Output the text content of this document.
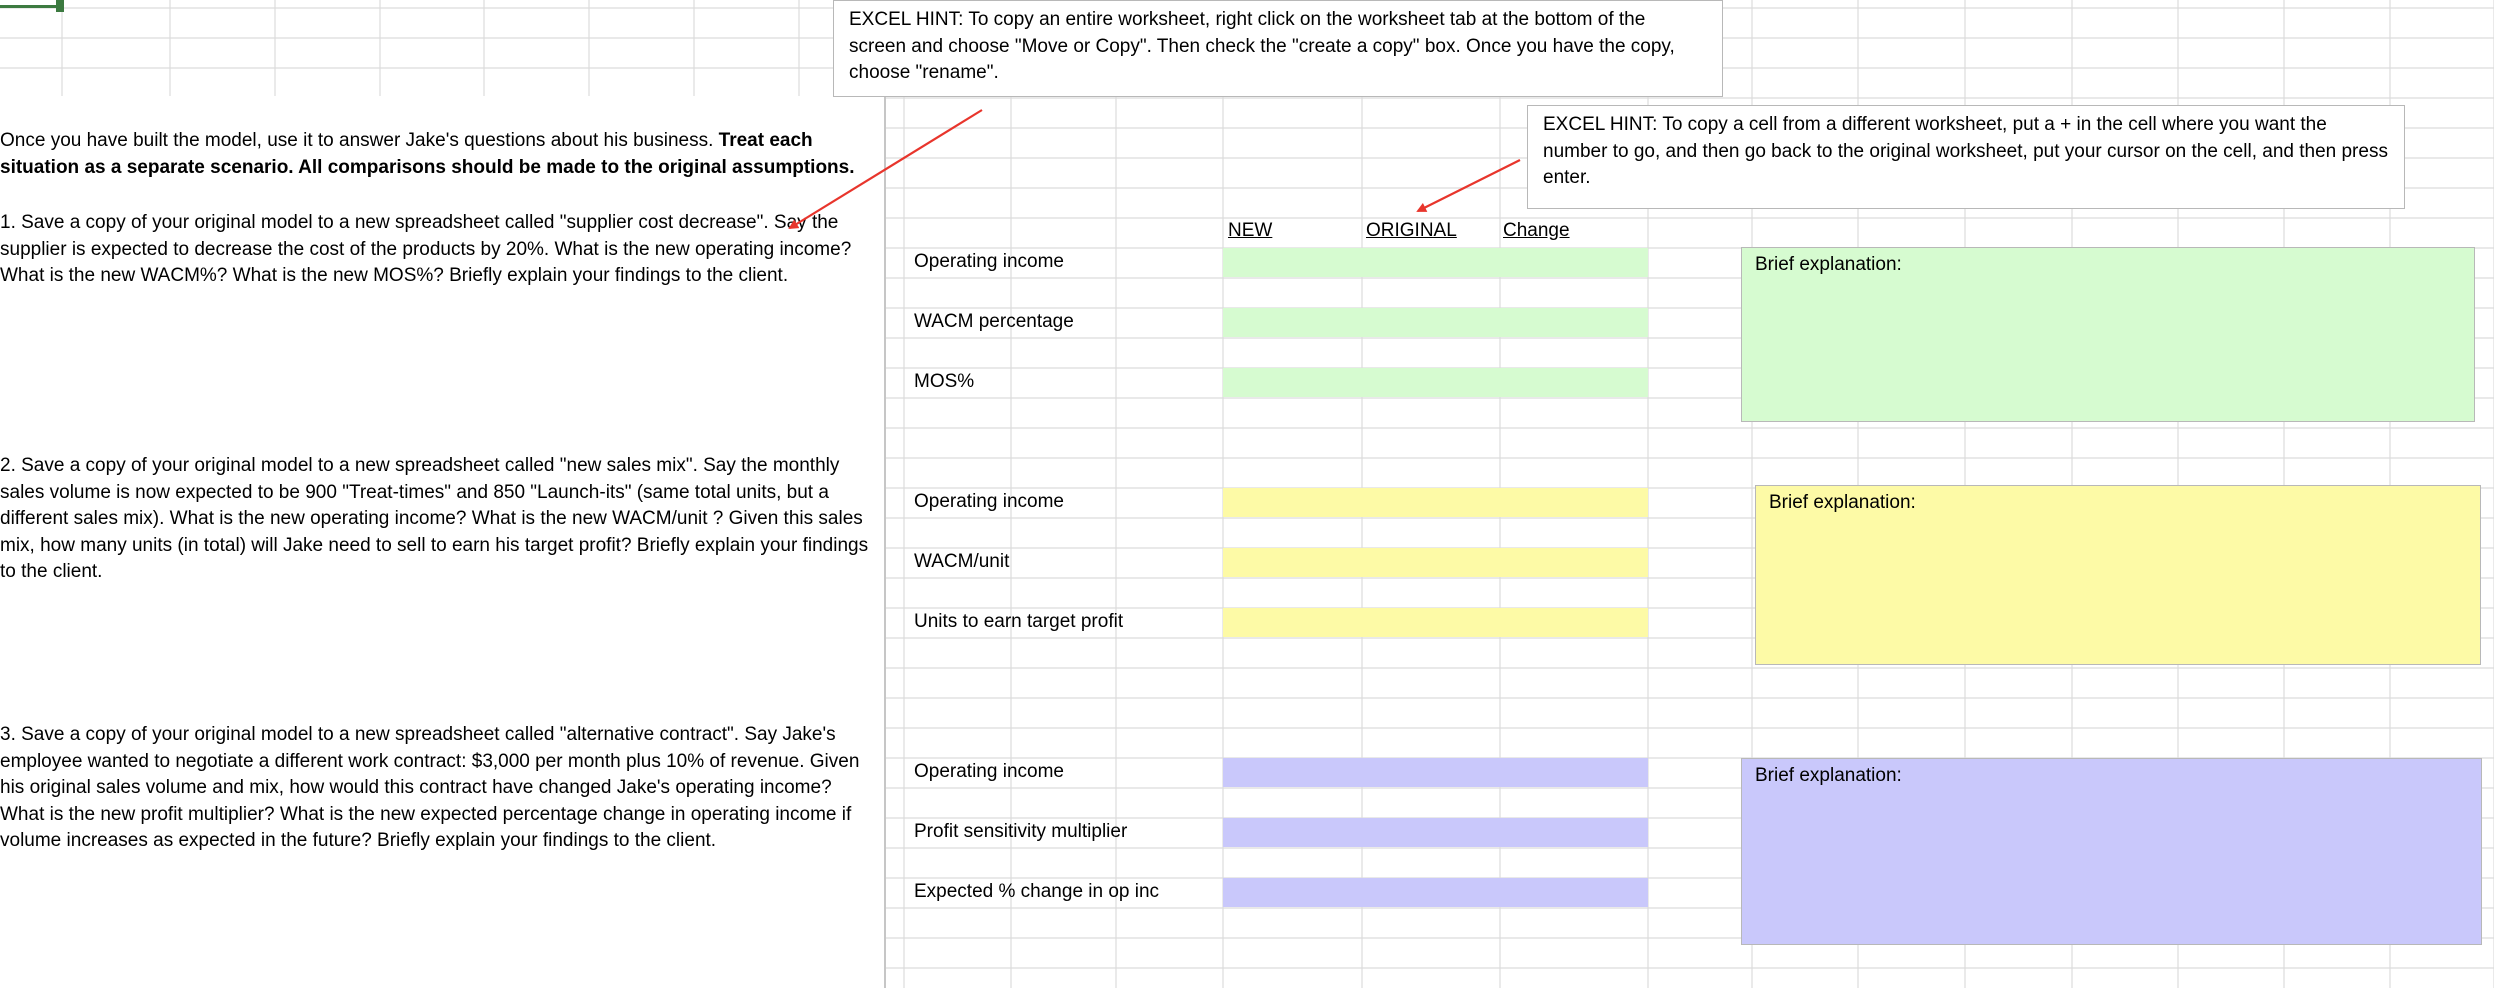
EXCEL HINT: To copy an entire worksheet, right click on the worksheet tab at the bottom of the screen and choose "Move or Copy". Then check the "create a copy" box. Once you have the copy, choose "rename".
EXCEL HINT: To copy a cell from a different worksheet, put a + in the cell where you want the number to go, and then go back to the original worksheet, put your cursor on the cell, and then press enter.
Once you have built the model, use it to answer Jake's questions about his business. Treat each situation as a separate scenario. All comparisons should be made to the original assumptions.
1. Save a copy of your original model to a new spreadsheet called "supplier cost decrease". Say the supplier is expected to decrease the cost of the products by 20%. What is the new operating income? What is the new WACM%? What is the new MOS%? Briefly explain your findings to the client.
2. Save a copy of your original model to a new spreadsheet called "new sales mix". Say the monthly sales volume is now expected to be 900 "Treat-times" and 850 "Launch-its" (same total units, but a different sales mix). What is the new operating income? What is the new WACM/unit ? Given this sales mix, how many units (in total) will Jake need to sell to earn his target profit? Briefly explain your findings to the client.
3. Save a copy of your original model to a new spreadsheet called "alternative contract". Say Jake's employee wanted to negotiate a different work contract: $3,000 per month plus 10% of revenue. Given his original sales volume and mix, how would this contract have changed Jake's operating income? What is the new profit multiplier? What is the new expected percentage change in operating income if volume increases as expected in the future? Briefly explain your findings to the client.
NEW	ORIGINAL Change
Operating income
WACM percentage
MOS%
Brief explanation:
Operating income
WACM/unit
Units to earn target profit
Brief explanation:
Operating income
Profit sensitivity multiplier
Expected % change in op inc
Brief explanation:
